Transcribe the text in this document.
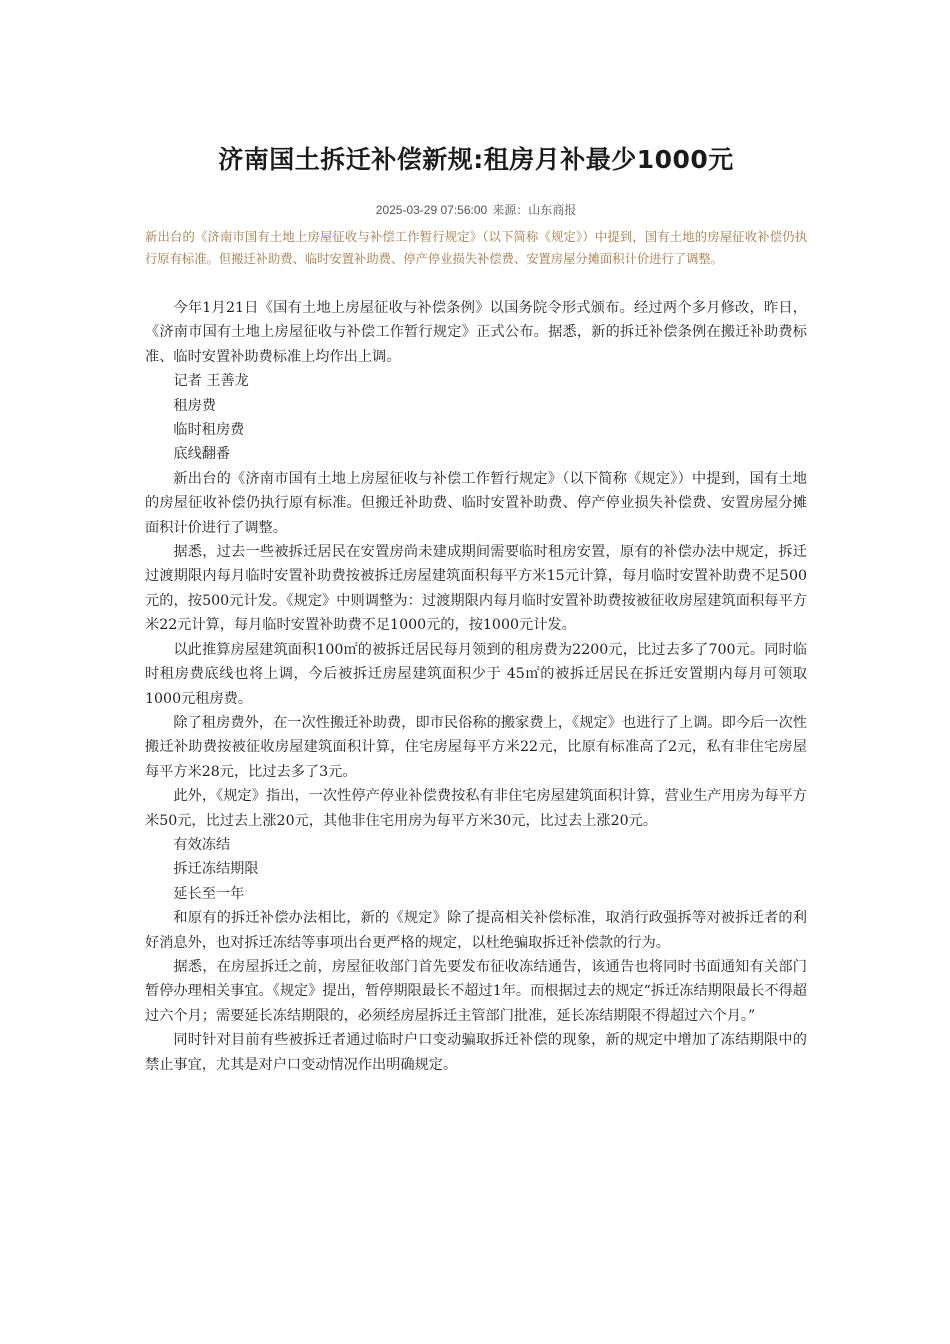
济南国土拆迁补偿新规:租房月补最少1000元
2025-03-29 07:56:00 来源：山东商报
新出台的《济南市国有土地上房屋征收与补偿工作暂行规定》（以下简称《规定》）中提到，国有土地的房屋征收补偿仍执行原有标准。但搬迁补助费、临时安置补助费、停产停业损失补偿费、安置房屋分摊面积计价进行了调整。

今年1月21日《国有土地上房屋征收与补偿条例》以国务院令形式颁布。经过两个多月修改，昨日，《济南市国有土地上房屋征收与补偿工作暂行规定》正式公布。据悉，新的拆迁补偿条例在搬迁补助费标准、临时安置补助费标准上均作出上调。

记者 王善龙

租房费

临时租房费

底线翻番

新出台的《济南市国有土地上房屋征收与补偿工作暂行规定》（以下简称《规定》）中提到，国有土地的房屋征收补偿仍执行原有标准。但搬迁补助费、临时安置补助费、停产停业损失补偿费、安置房屋分摊面积计价进行了调整。

据悉，过去一些被拆迁居民在安置房尚未建成期间需要临时租房安置，原有的补偿办法中规定，拆迁过渡期限内每月临时安置补助费按被拆迁房屋建筑面积每平方米15元计算，每月临时安置补助费不足500元的，按500元计发。《规定》中则调整为：过渡期限内每月临时安置补助费按被征收房屋建筑面积每平方米22元计算，每月临时安置补助费不足1000元的，按1000元计发。

以此推算房屋建筑面积100㎡的被拆迁居民每月领到的租房费为2200元，比过去多了700元。同时临时租房费底线也将上调，今后被拆迁房屋建筑面积少于 45㎡的被拆迁居民在拆迁安置期内每月可领取1000元租房费。

除了租房费外，在一次性搬迁补助费，即市民俗称的搬家费上，《规定》也进行了上调。即今后一次性搬迁补助费按被征收房屋建筑面积计算，住宅房屋每平方米22元，比原有标准高了2元，私有非住宅房屋每平方米28元，比过去多了3元。

此外，《规定》指出，一次性停产停业补偿费按私有非住宅房屋建筑面积计算，营业生产用房为每平方米50元，比过去上涨20元，其他非住宅用房为每平方米30元，比过去上涨20元。

有效冻结

拆迁冻结期限

延长至一年

和原有的拆迁补偿办法相比，新的《规定》除了提高相关补偿标准，取消行政强拆等对被拆迁者的利好消息外，也对拆迁冻结等事项出台更严格的规定，以杜绝骗取拆迁补偿款的行为。

据悉，在房屋拆迁之前，房屋征收部门首先要发布征收冻结通告，该通告也将同时书面通知有关部门暂停办理相关事宜。《规定》提出，暂停期限最长不超过1年。而根据过去的规定“拆迁冻结期限最长不得超过六个月；需要延长冻结期限的，必须经房屋拆迁主管部门批准，延长冻结期限不得超过六个月。”

同时针对目前有些被拆迁者通过临时户口变动骗取拆迁补偿的现象，新的规定中增加了冻结期限中的禁止事宜，尤其是对户口变动情况作出明确规定。
